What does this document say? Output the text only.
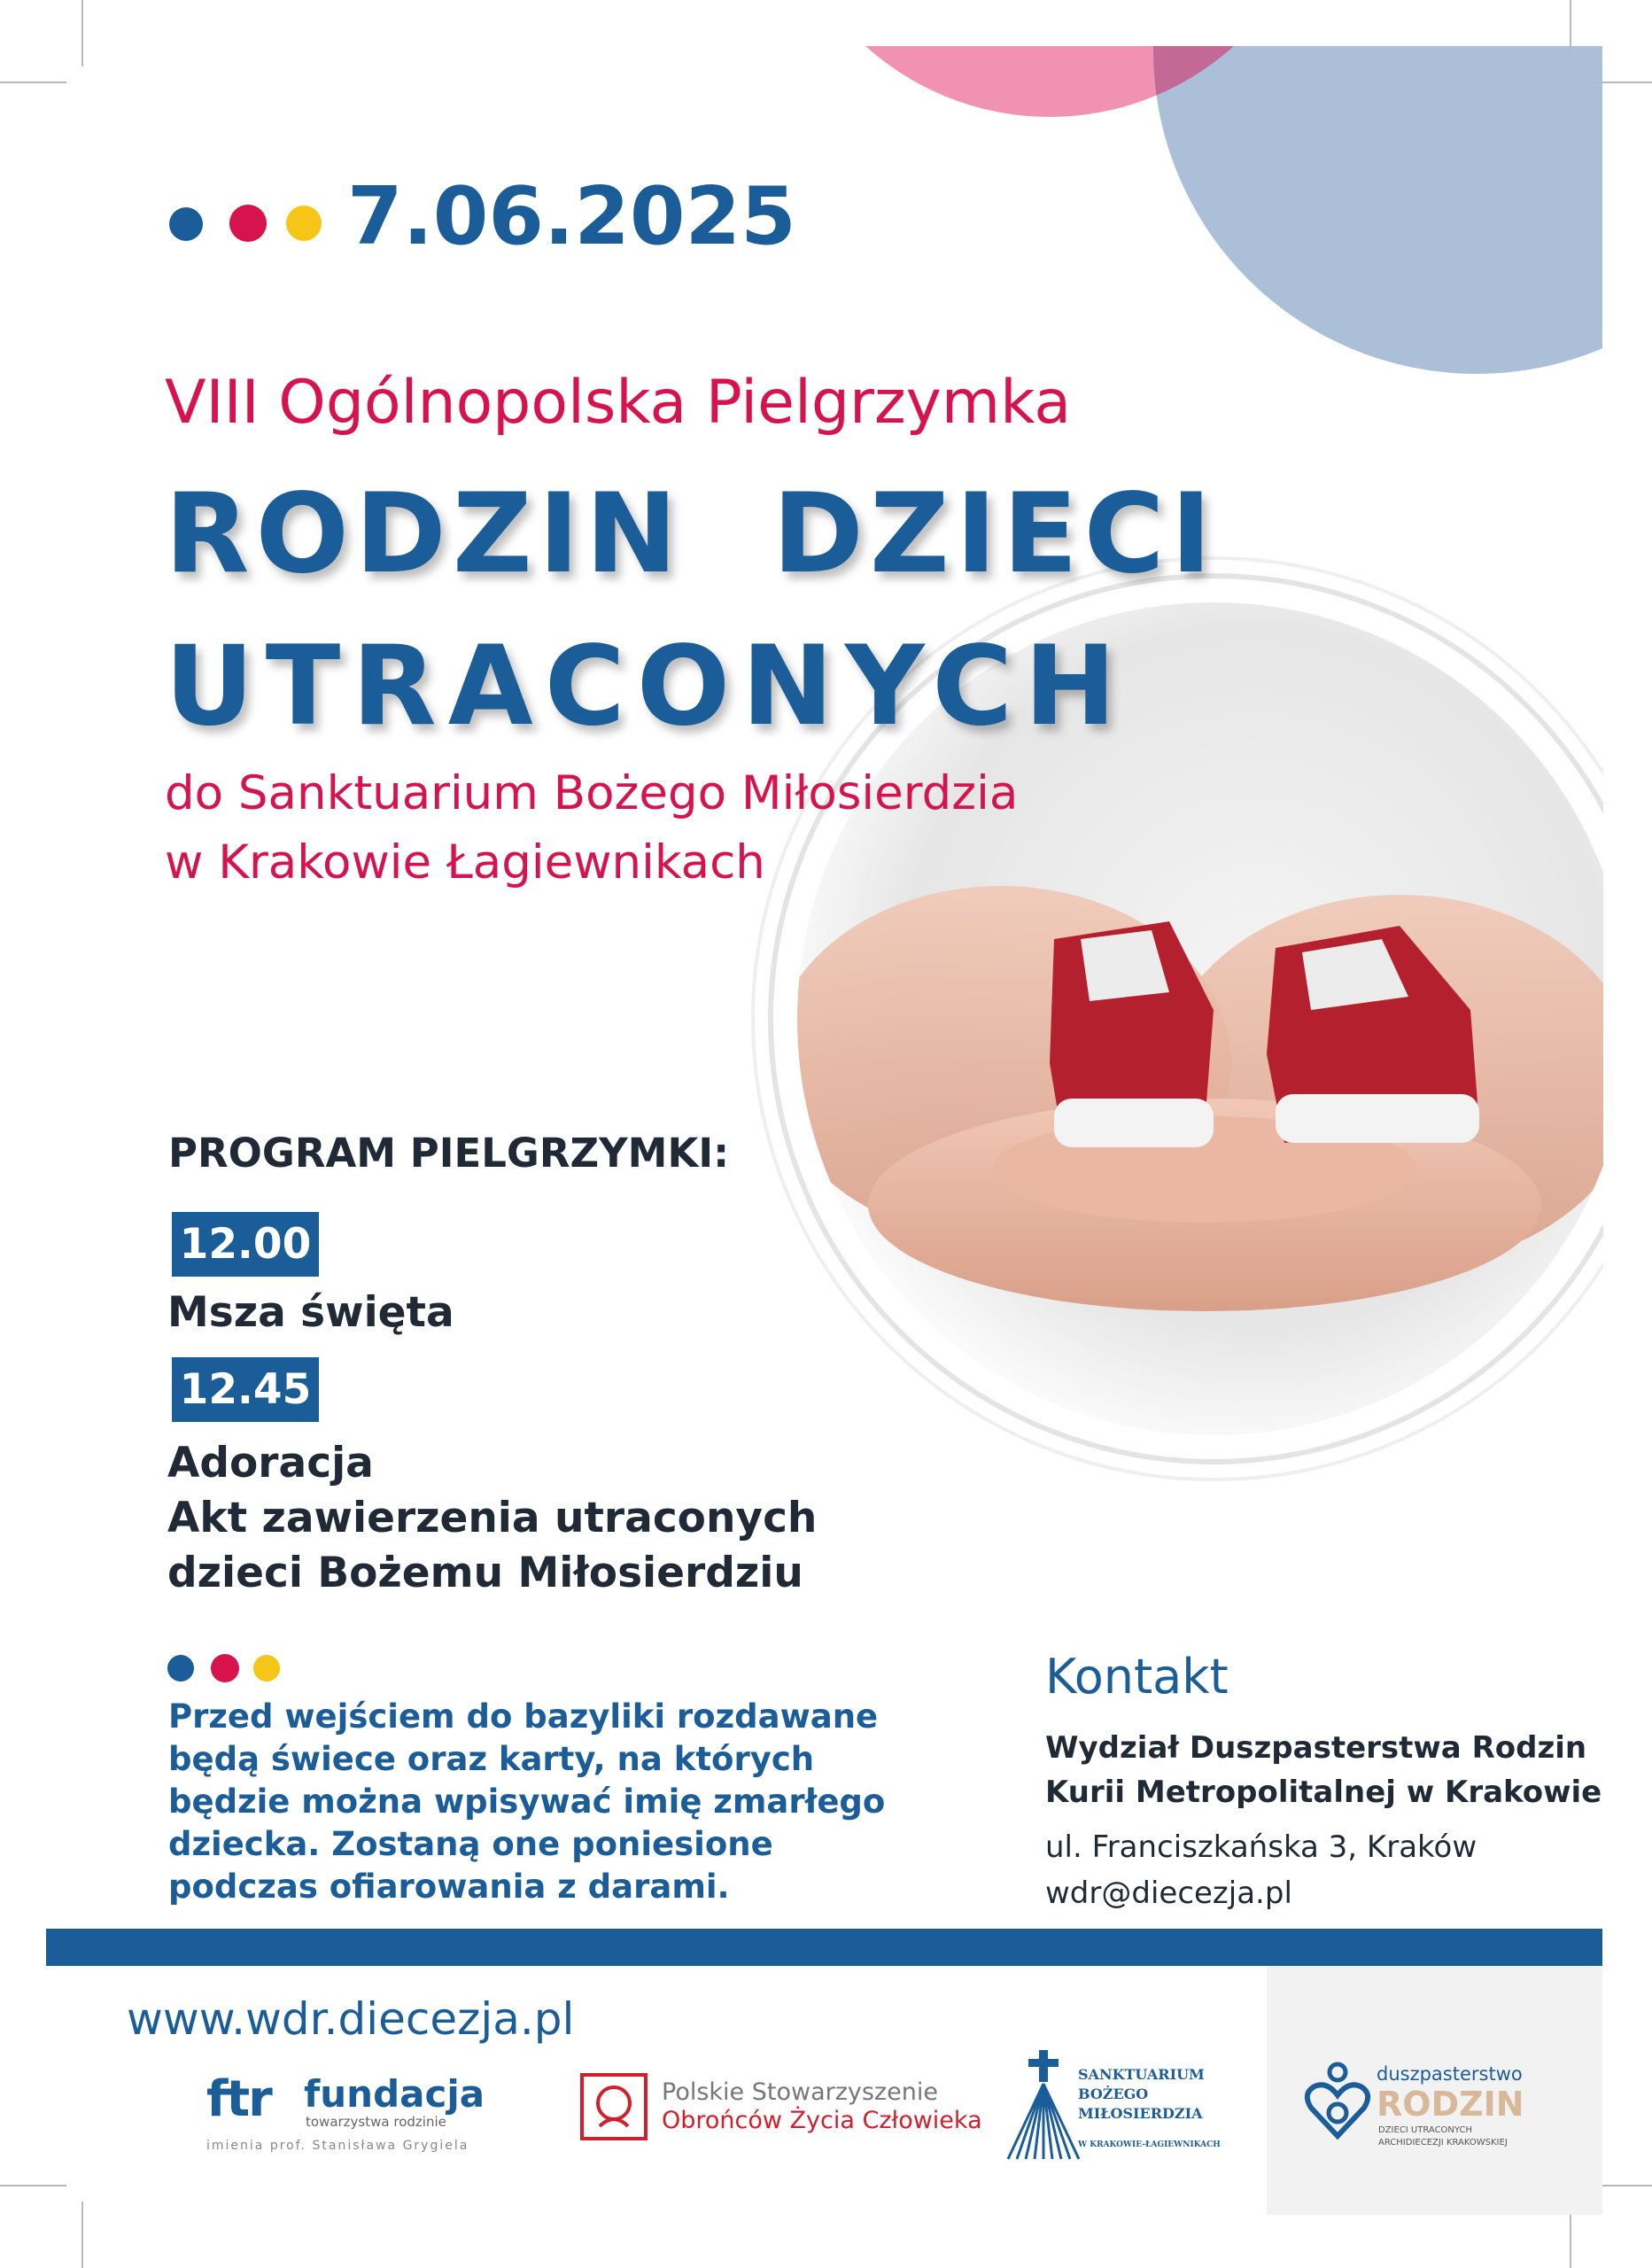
7.06.2025
VIII Ogólnopolska Pielgrzymka
RODZIN  DZIECI
UTRACONYCH
do Sanktuarium Bożego Miłosierdzia
w Krakowie Łagiewnikach
PROGRAM PIELGRZYMKI:
12.00
Msza święta
12.45
Adoracja
Akt zawierzenia utraconych
dzieci Bożemu Miłosierdziu
Przed wejściem do bazyliki rozdawane
będą świece oraz karty, na których
będzie można wpisywać imię zmarłego
dziecka. Zostaną one poniesione
podczas ofiarowania z darami.
Kontakt
Wydział Duszpasterstwa Rodzin
Kurii Metropolitalnej w Krakowie
ul. Franciszkańska 3, Kraków
wdr@diecezja.pl
www.wdr.diecezja.pl
ftr fundacja
towarzystwa rodzinie
imienia prof. Stanisława Grygiela
Polskie Stowarzyszenie
Obrońców Życia Człowieka
SANKTUARIUM
BOŻEGO
MIŁOSIERDZIA
W KRAKOWIE-ŁAGIEWNIKACH
duszpasterstwo
RODZIN
DZIECI UTRACONYCH
ARCHIDIECEZJI KRAKOWSKIEJ
